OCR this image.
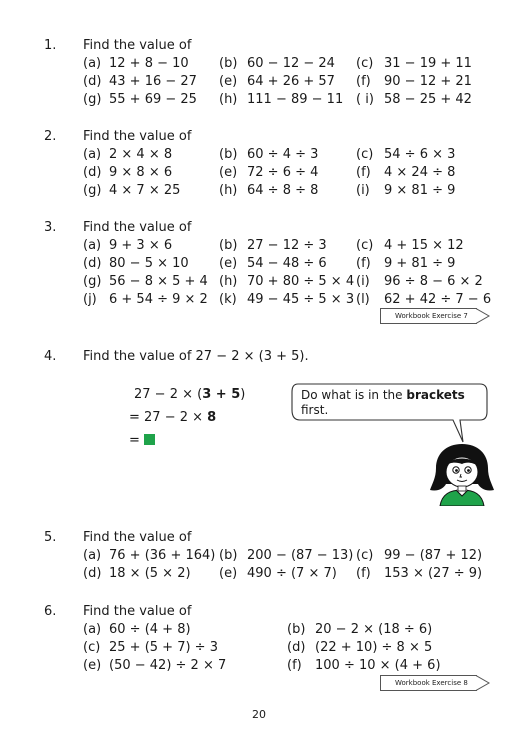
1. Find the value of
2. Find the value of
3. Find the value of
Workbook Exercise 7
4. Find the value of 27 − 2 × (3 + 5).
27 − 2 × (3 + 5)
= 27 − 2 × 8
=
Do what is in the brackets
first.
5. Find the value of
6. Find the value of
Workbook Exercise 8
20
(a) 12 + 8 − 10 (b) 60 − 12 − 24 (c) 31 − 19 + 11
(d) 43 + 16 − 27 (e) 64 + 26 + 57 (f) 90 − 12 + 21
(g) 55 + 69 − 25 (h) 111 − 89 − 11 ( i) 58 − 25 + 42
(a) 2 × 4 × 8	(b) 60 ÷ 4 ÷ 3	(c) 54 ÷ 6 × 3
(d) 9 × 8 × 6	(e) 72 ÷ 6 ÷ 4	(f) 4 × 24 ÷ 8
(g) 4 × 7 × 25	(h) 64 ÷ 8 ÷ 8	(i) 9 × 81 ÷ 9
(a) 9 + 3 × 6	(b) 27 − 12 ÷ 3 (c) 4 + 15 × 12
(d) 80 − 5 × 10 (e) 54 − 48 ÷ 6 (f) 9 + 81 ÷ 9
(g) 56 − 8 × 5 + 4 (h) 70 + 80 ÷ 5 × 4 (i) 96 ÷ 8 − 6 × 2
(j) 6 + 54 ÷ 9 × 2 (k) 49 − 45 ÷ 5 × 3 (l) 62 + 42 ÷ 7 − 6
(a) 76 + (36 + 164) (b) 200 − (87 − 13) (c) 99 − (87 + 12)
(d) 18 × (5 × 2) (e) 490 ÷ (7 × 7) (f) 153 × (27 ÷ 9)
(a) 60 ÷ (4 + 8)	(b) 20 − 2 × (18 ÷ 6)
(c) 25 + (5 + 7) ÷ 3	(d) (22 + 10) ÷ 8 × 5
(e) (50 − 42) ÷ 2 × 7	(f) 100 ÷ 10 × (4 + 6)
